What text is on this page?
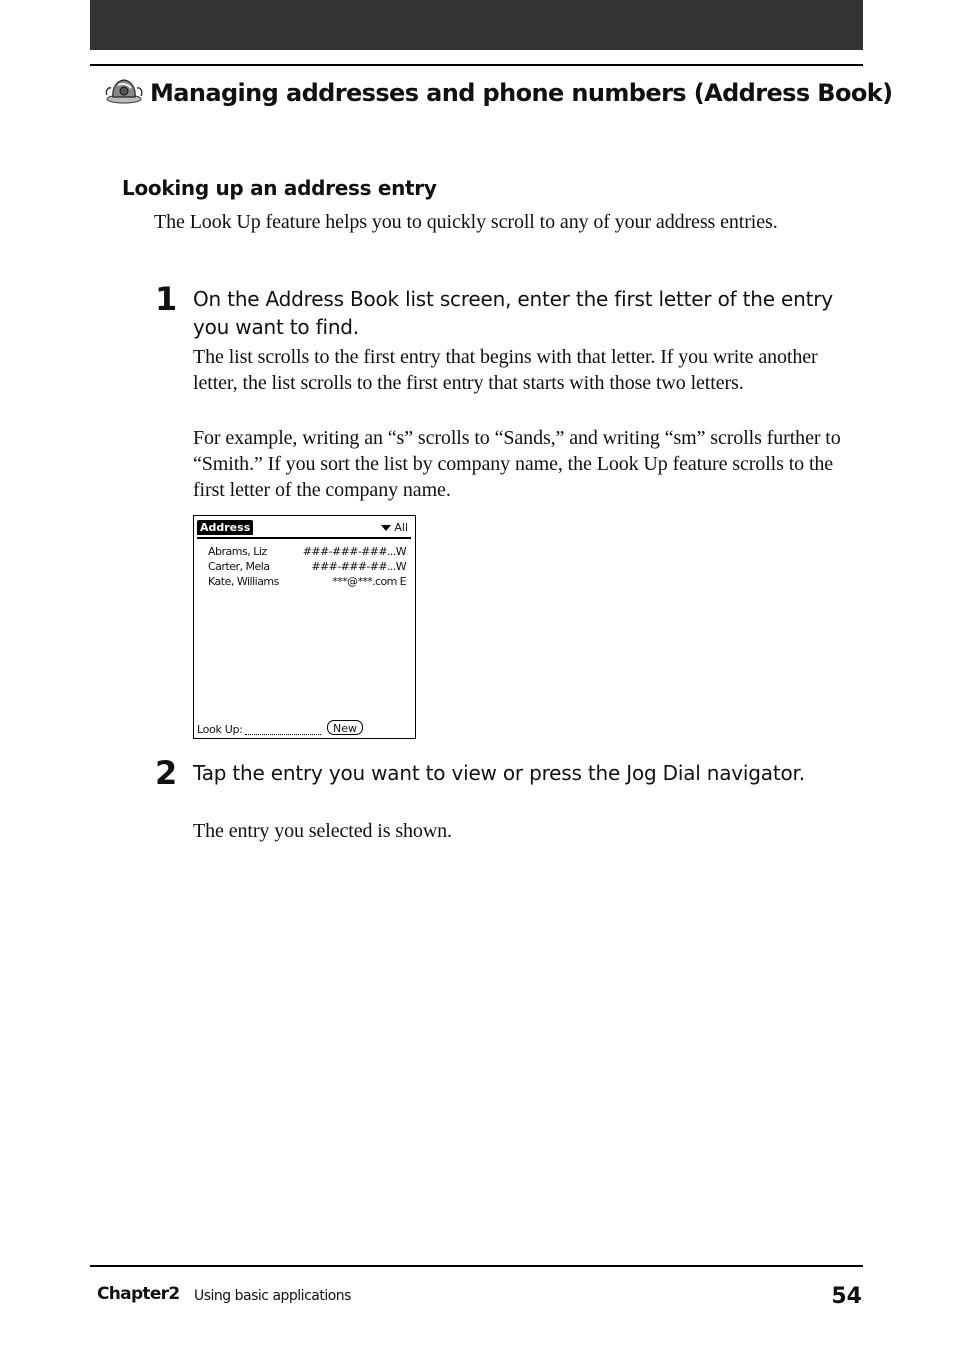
Managing addresses and phone numbers (Address Book)
Looking up an address entry
The Look Up feature helps you to quickly scroll to any of your address entries.
1 On the Address Book list screen, enter the first letter of the entry you want to find.
The list scrolls to the first entry that begins with that letter. If you write another letter, the list scrolls to the first entry that starts with those two letters.
For example, writing an “s” scrolls to “Sands,” and writing “sm” scrolls further to “Smith.” If you sort the list by company name, the Look Up feature scrolls to the first letter of the company name.
Address	All
Abrams, Liz	###-###-###...W
Carter, Mela	###-###-##...W
Kate, Williams	***@***.com E
Look Up:	New
2 Tap the entry you want to view or press the Jog Dial navigator.
The entry you selected is shown.
Chapter2 Using basic applications	54
